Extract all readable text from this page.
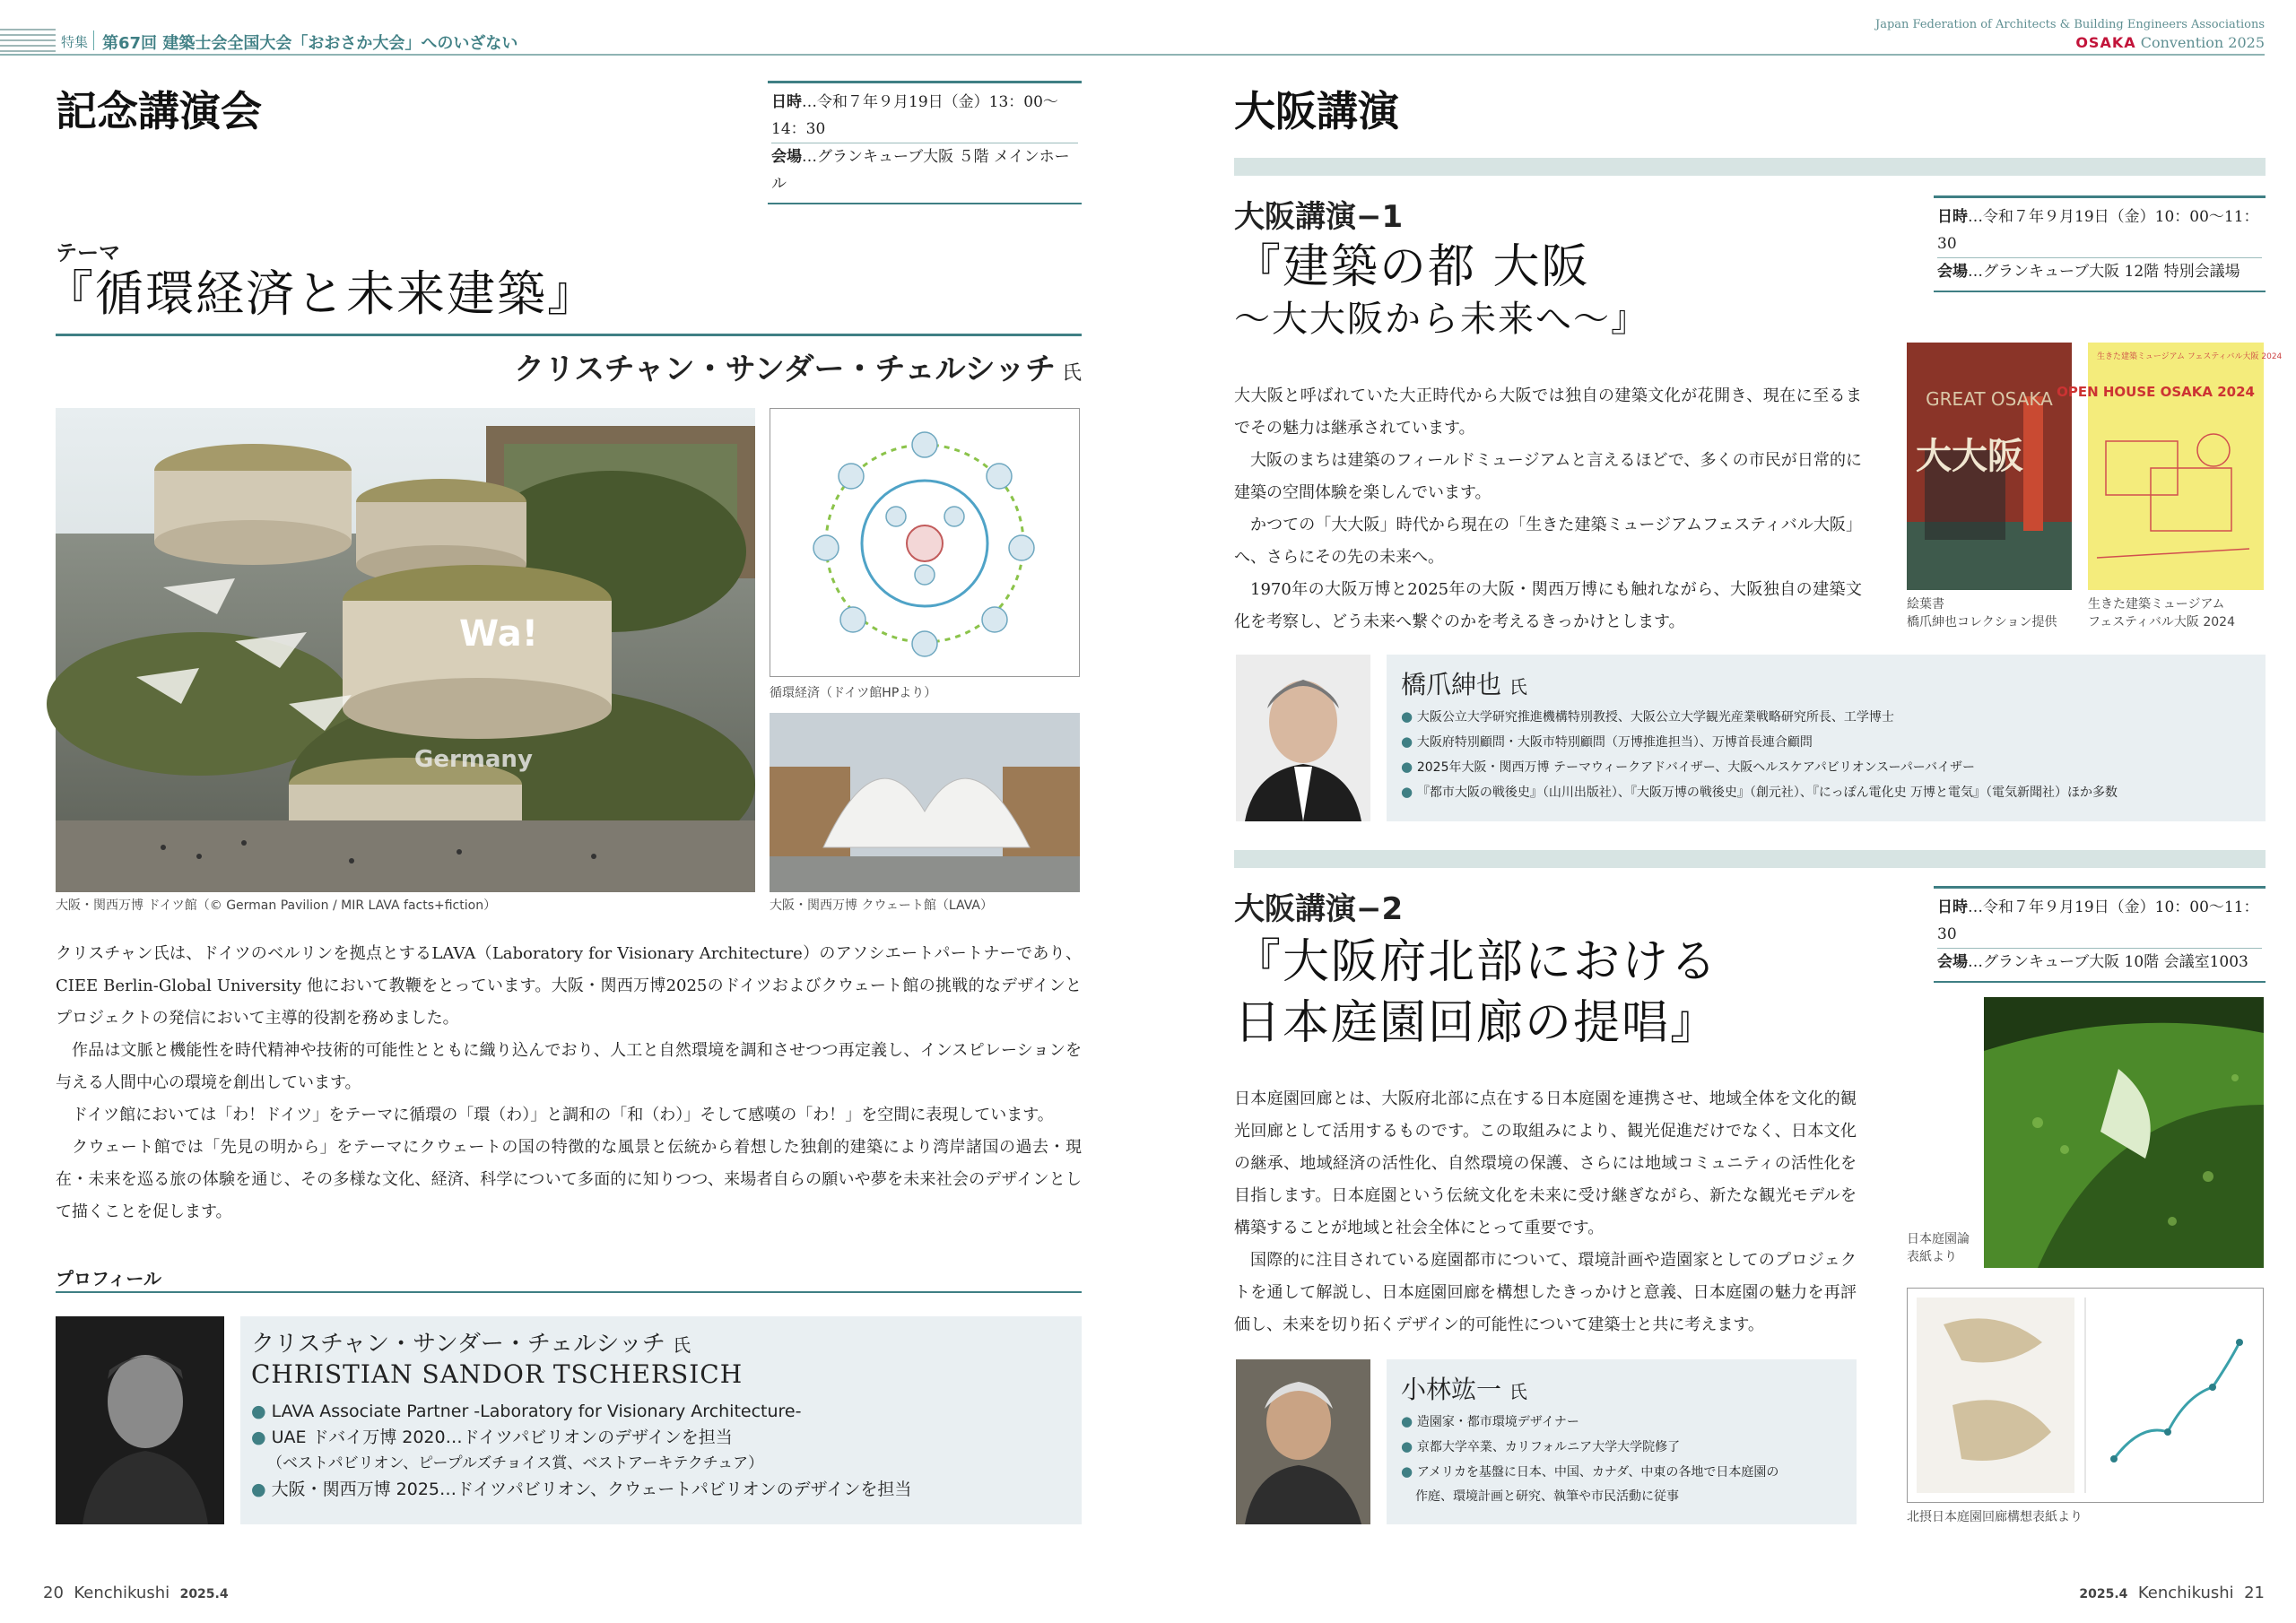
特集 第67回 建築士会全国大会「おおさか大会」へのいざない
Japan Federation of Architects & Building Engineers Associations
OSAKA Convention 2025
記念講演会	日時…令和７年９月19日（金）13：00〜14：30
会場…グランキューブ大阪 ５階 メインホール
テーマ
『循環経済と未来建築』
クリスチャン・サンダー・チェルシッチ 氏
Wa!
Germany
大阪・関西万博 ドイツ館（© German Pavilion / MIR LAVA facts+fiction）
循環経済（ドイツ館HPより）
大阪・関西万博 クウェート館（LAVA）

クリスチャン氏は、ドイツのベルリンを拠点とするLAVA（Laboratory for Visionary Architecture）のアソシエートパートナーであり、CIEE Berlin-Global University 他において教鞭をとっています。大阪・関西万博2025のドイツおよびクウェート館の挑戦的なデザインとプロジェクトの発信において主導的役割を務めました。

作品は文脈と機能性を時代精神や技術的可能性とともに織り込んでおり、人工と自然環境を調和させつつ再定義し、インスピレーションを与える人間中心の環境を創出しています。

ドイツ館においては「わ！ドイツ」をテーマに循環の「環（わ）」と調和の「和（わ）」そして感嘆の「わ！」を空間に表現しています。

クウェート館では「先見の明から」をテーマにクウェートの国の特徴的な風景と伝統から着想した独創的建築により湾岸諸国の過去・現在・未来を巡る旅の体験を通じ、その多様な文化、経済、科学について多面的に知りつつ、来場者自らの願いや夢を未来社会のデザインとして描くことを促します。

プロフィール
クリスチャン・サンダー・チェルシッチ 氏
CHRISTIAN SANDOR TSCHERSICH
● LAVA Associate Partner -Laboratory for Visionary Architecture-
● UAE ドバイ万博 2020…ドイツパビリオンのデザインを担当
（ベストパビリオン、ピープルズチョイス賞、ベストアーキテクチュア）
● 大阪・関西万博 2025…ドイツパビリオン、クウェートパビリオンのデザインを担当
大阪講演
大阪講演−1	日時…令和７年９月19日（金）10：00〜11：30
会場…グランキューブ大阪 12階 特別会議場
『建築の都 大阪
〜大大阪から未来へ〜』

大大阪と呼ばれていた大正時代から大阪では独自の建築文化が花開き、現在に至るまでその魅力は継承されています。

大阪のまちは建築のフィールドミュージアムと言えるほどで、多くの市民が日常的に建築の空間体験を楽しんでいます。

かつての「大大阪」時代から現在の「生きた建築ミュージアムフェスティバル大阪」へ、さらにその先の未来へ。

1970年の大阪万博と2025年の大阪・関西万博にも触れながら、大阪独自の建築文化を考察し、どう未来へ繋ぐのかを考えるきっかけとします。

GREAT OSAKA
大大阪
生きた建築ミュージアム フェスティバル大阪 2024
OPEN HOUSE OSAKA 2024
絵葉書
橋爪紳也コレクション提供
生きた建築ミュージアム
フェスティバル大阪 2024
橋爪紳也 氏
● 大阪公立大学研究推進機構特別教授、大阪公立大学観光産業戦略研究所長、工学博士
● 大阪府特別顧問・大阪市特別顧問（万博推進担当）、万博首長連合顧問
● 2025年大阪・関西万博 テーマウィークアドバイザー、大阪ヘルスケアパビリオンスーパーバイザー
● 『都市大阪の戦後史』（山川出版社）、『大阪万博の戦後史』（創元社）、『にっぽん電化史 万博と電気』（電気新聞社）ほか多数
大阪講演−2	日時…令和７年９月19日（金）10：00〜11：30
会場…グランキューブ大阪 10階 会議室1003
『大阪府北部における
日本庭園回廊の提唱』

日本庭園回廊とは、大阪府北部に点在する日本庭園を連携させ、地域全体を文化的観光回廊として活用するものです。この取組みにより、観光促進だけでなく、日本文化の継承、地域経済の活性化、自然環境の保護、さらには地域コミュニティの活性化を目指します。日本庭園という伝統文化を未来に受け継ぎながら、新たな観光モデルを構築することが地域と社会全体にとって重要です。

国際的に注目されている庭園都市について、環境計画や造園家としてのプロジェクトを通して解説し、日本庭園回廊を構想したきっかけと意義、日本庭園の魅力を再評価し、未来を切り拓くデザイン的可能性について建築士と共に考えます。

日本庭園論
表紙より
北摂日本庭園回廊構想表紙より
小林竑一 氏
● 造園家・都市環境デザイナー
● 京都大学卒業、カリフォルニア大学大学院修了
● アメリカを基盤に日本、中国、カナダ、中東の各地で日本庭園の
作庭、環境計画と研究、執筆や市民活動に従事
20 Kenchikushi 2025.4	2025.4 Kenchikushi 21
